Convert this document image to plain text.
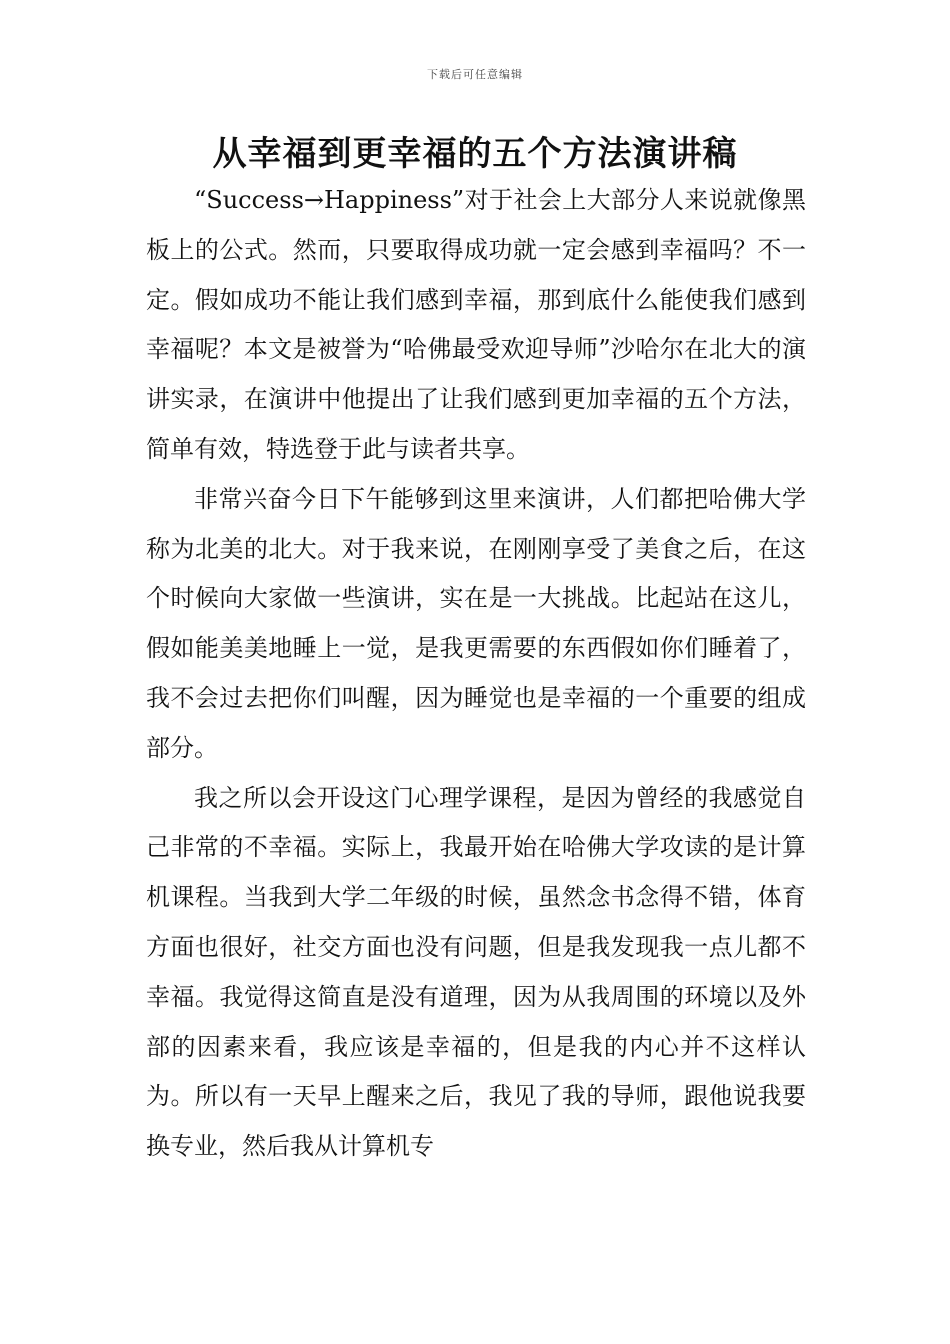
下载后可任意编辑
从幸福到更幸福的五个方法演讲稿

“Success→Happiness”对于社会上大部分人来说就像黑板上的公式。然而，只要取得成功就一定会感到幸福吗？不一定。假如成功不能让我们感到幸福，那到底什么能使我们感到幸福呢？本文是被誉为“哈佛最受欢迎导师”沙哈尔在北大的演讲实录，在演讲中他提出了让我们感到更加幸福的五个方法，简单有效，特选登于此与读者共享。

非常兴奋今日下午能够到这里来演讲，人们都把哈佛大学称为北美的北大。对于我来说，在刚刚享受了美食之后，在这个时候向大家做一些演讲，实在是一大挑战。比起站在这儿，假如能美美地睡上一觉，是我更需要的东西假如你们睡着了，我不会过去把你们叫醒，因为睡觉也是幸福的一个重要的组成部分。

我之所以会开设这门心理学课程，是因为曾经的我感觉自己非常的不幸福。实际上，我最开始在哈佛大学攻读的是计算机课程。当我到大学二年级的时候，虽然念书念得不错，体育方面也很好，社交方面也没有问题，但是我发现我一点儿都不幸福。我觉得这简直是没有道理，因为从我周围的环境以及外部的因素来看，我应该是幸福的，但是我的内心并不这样认为。所以有一天早上醒来之后，我见了我的导师，跟他说我要换专业，然后我从计算机专
